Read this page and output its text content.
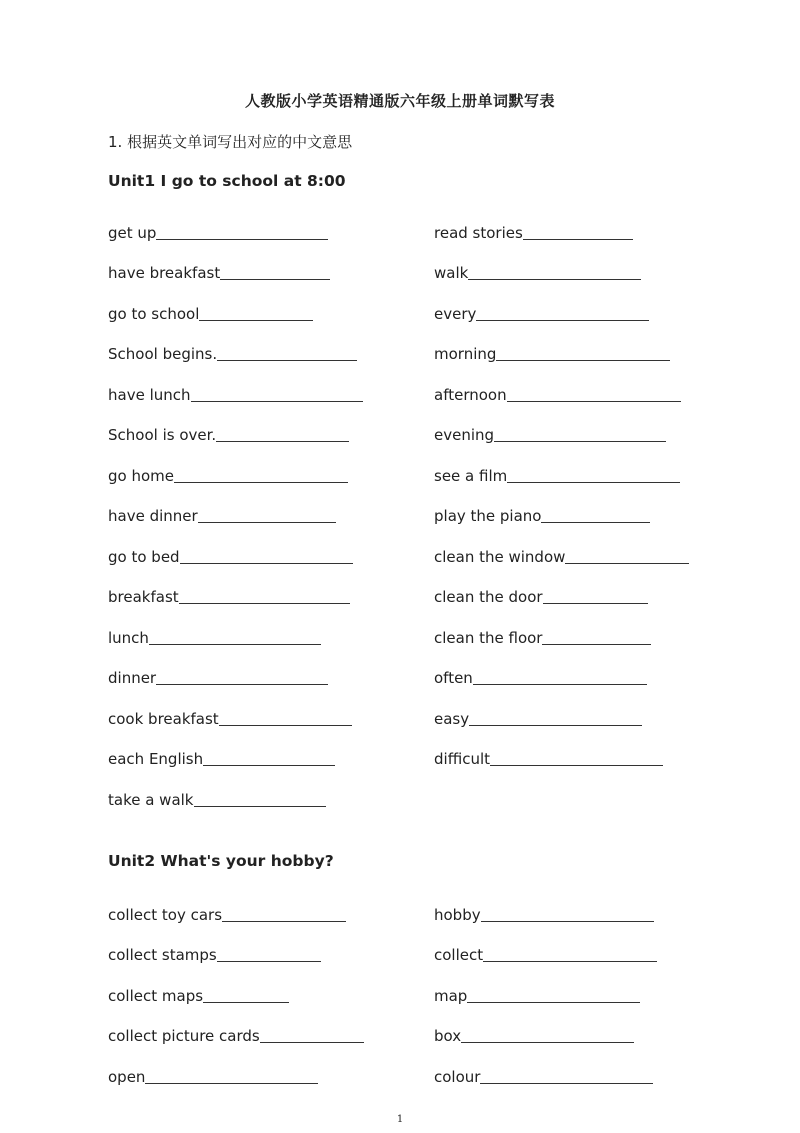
人教版小学英语精通版六年级上册单词默写表
1. 根据英文单词写出对应的中文意思
Unit1 I go to school at 8:00
get up	read stories
have breakfast	walk
go to school	every
School begins.	morning
have lunch	afternoon
School is over.	evening
go home	see a film
have dinner	play the piano
go to bed	clean the window
breakfast	clean the door
lunch	clean the floor
dinner	often
cook breakfast	easy
each English	difficult
take a walk
Unit2 What's your hobby?
collect toy cars	hobby
collect stamps	collect
collect maps	map
collect picture cards	box
open	colour
1
